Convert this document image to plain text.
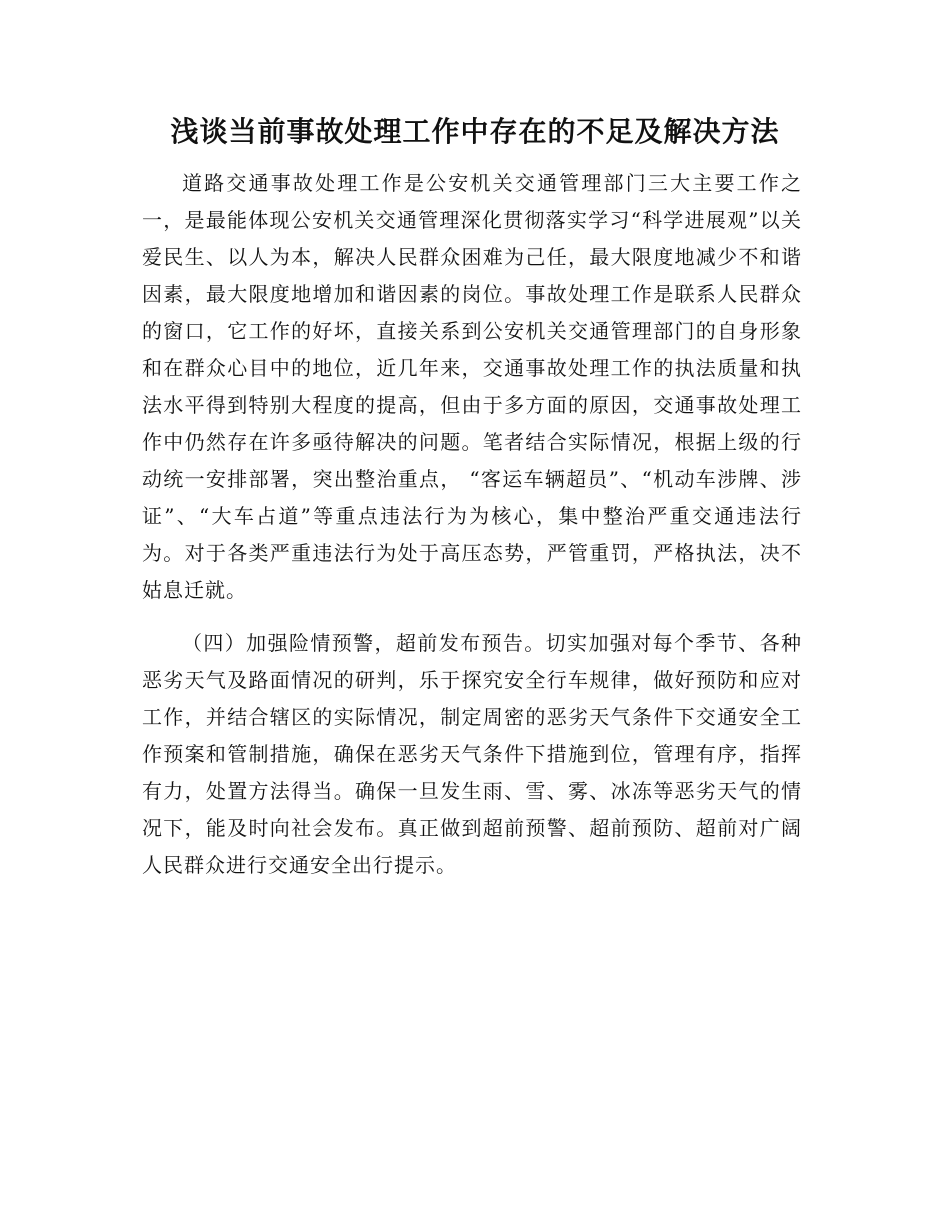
浅谈当前事故处理工作中存在的不足及解决方法

道路交通事故处理工作是公安机关交通管理部门三大主要工作之一，是最能体现公安机关交通管理深化贯彻落实学习“科学进展观”以关爱民生、以人为本，解决人民群众困难为己任，最大限度地减少不和谐因素，最大限度地增加和谐因素的岗位。事故处理工作是联系人民群众的窗口，它工作的好坏，直接关系到公安机关交通管理部门的自身形象和在群众心目中的地位，近几年来，交通事故处理工作的执法质量和执法水平得到特别大程度的提高，但由于多方面的原因，交通事故处理工作中仍然存在许多亟待解决的问题。笔者结合实际情况，根据上级的行动统一安排部署，突出整治重点， “客运车辆超员”、“机动车涉牌、涉证”、“大车占道”等重点违法行为为核心，集中整治严重交通违法行为。对于各类严重违法行为处于高压态势，严管重罚，严格执法，决不姑息迁就。

（四）加强险情预警，超前发布预告。切实加强对每个季节、各种恶劣天气及路面情况的研判，乐于探究安全行车规律，做好预防和应对工作，并结合辖区的实际情况，制定周密的恶劣天气条件下交通安全工作预案和管制措施，确保在恶劣天气条件下措施到位，管理有序，指挥有力，处置方法得当。确保一旦发生雨、雪、雾、冰冻等恶劣天气的情况下，能及时向社会发布。真正做到超前预警、超前预防、超前对广阔人民群众进行交通安全出行提示。
